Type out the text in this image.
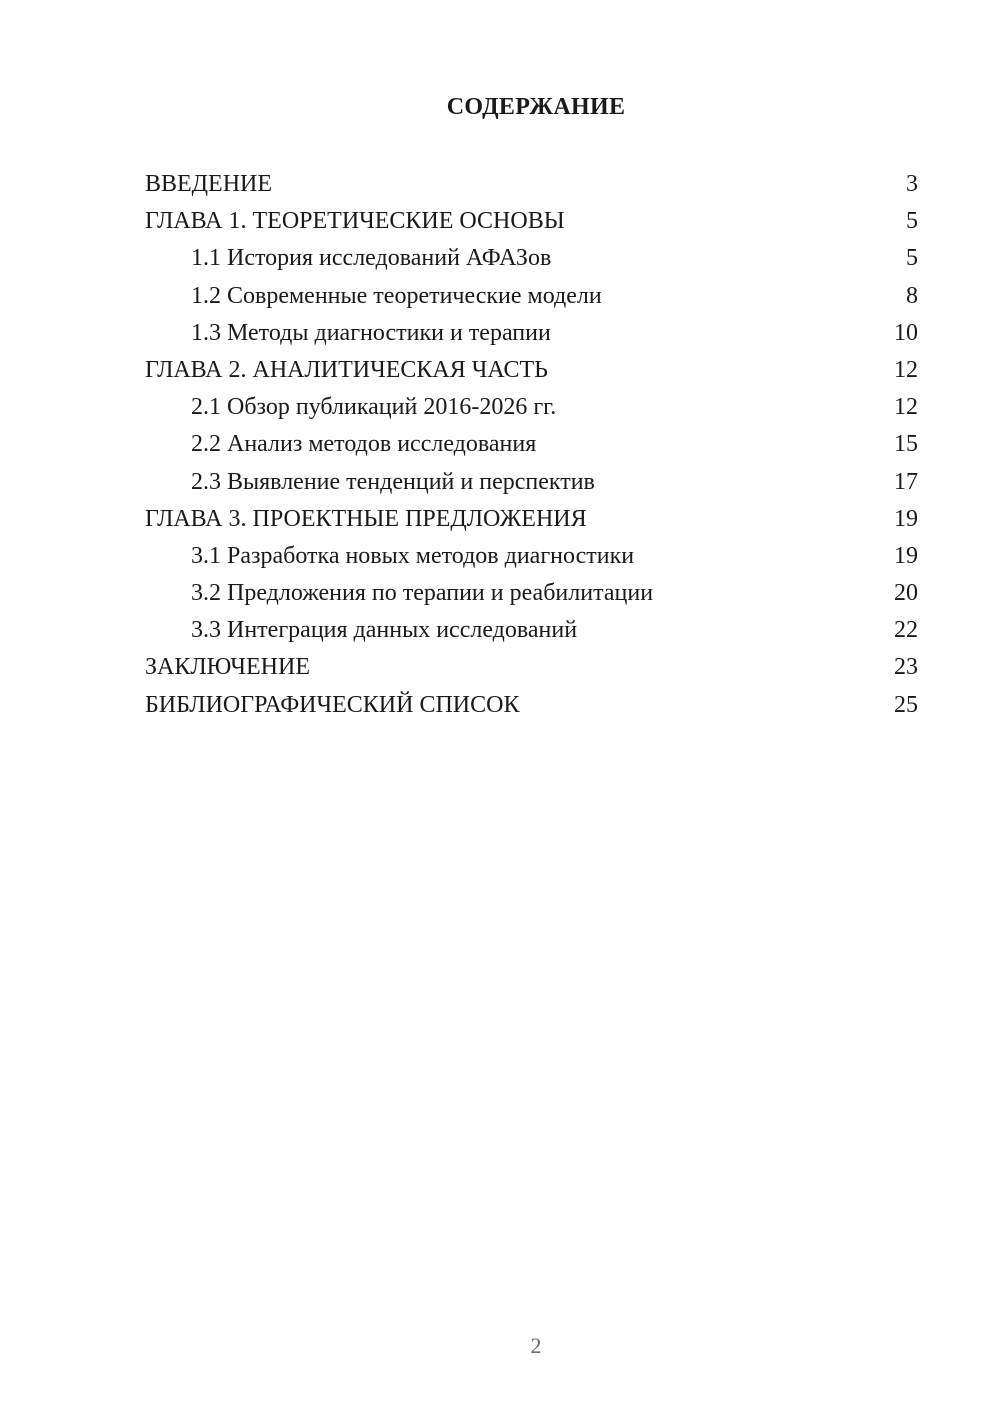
СОДЕРЖАНИЕ
ВВЕДЕНИЕ	3
ГЛАВА 1. ТЕОРЕТИЧЕСКИЕ ОСНОВЫ	5
1.1 История исследований АФАЗов	5
1.2 Современные теоретические модели	8
1.3 Методы диагностики и терапии	10
ГЛАВА 2. АНАЛИТИЧЕСКАЯ ЧАСТЬ	12
2.1 Обзор публикаций 2016-2026 гг.	12
2.2 Анализ методов исследования	15
2.3 Выявление тенденций и перспектив	17
ГЛАВА 3. ПРОЕКТНЫЕ ПРЕДЛОЖЕНИЯ	19
3.1 Разработка новых методов диагностики	19
3.2 Предложения по терапии и реабилитации	20
3.3 Интеграция данных исследований	22
ЗАКЛЮЧЕНИЕ	23
БИБЛИОГРАФИЧЕСКИЙ СПИСОК	25
2
